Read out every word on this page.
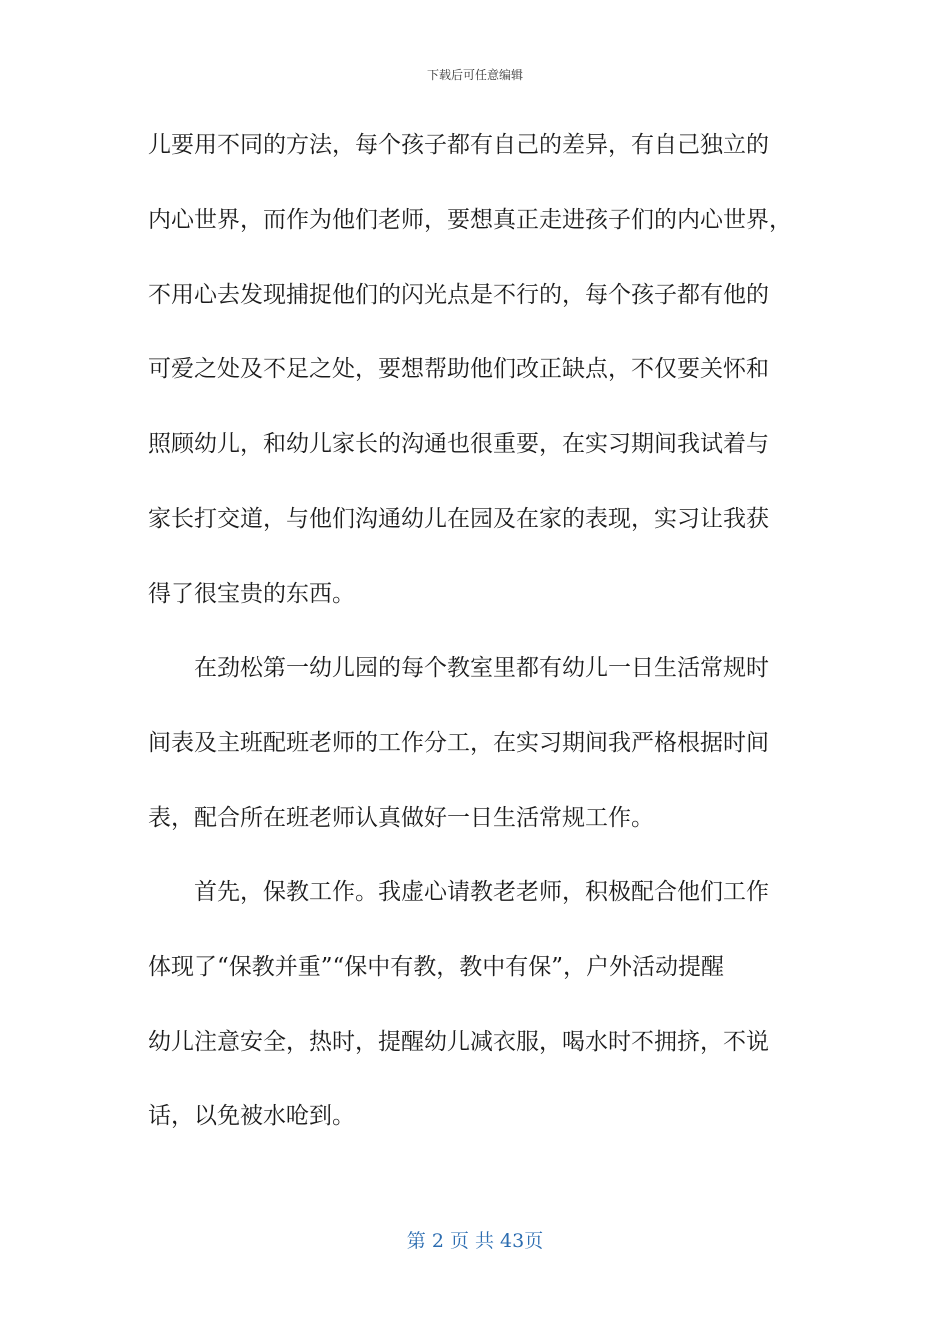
下载后可任意编辑
儿要用不同的方法，每个孩子都有自己的差异，有自己独立的
内心世界，而作为他们老师，要想真正走进孩子们的内心世界，
不用心去发现捕捉他们的闪光点是不行的，每个孩子都有他的
可爱之处及不足之处，要想帮助他们改正缺点，不仅要关怀和
照顾幼儿，和幼儿家长的沟通也很重要，在实习期间我试着与
家长打交道，与他们沟通幼儿在园及在家的表现，实习让我获
得了很宝贵的东西。
在劲松第一幼儿园的每个教室里都有幼儿一日生活常规时
间表及主班配班老师的工作分工，在实习期间我严格根据时间
表，配合所在班老师认真做好一日生活常规工作。
首先，保教工作。我虚心请教老老师，积极配合他们工作
体现了“保教并重”“保中有教，教中有保”，户外活动提醒
幼儿注意安全，热时，提醒幼儿减衣服，喝水时不拥挤，不说
话，以免被水呛到。
第 2 页 共 43页
